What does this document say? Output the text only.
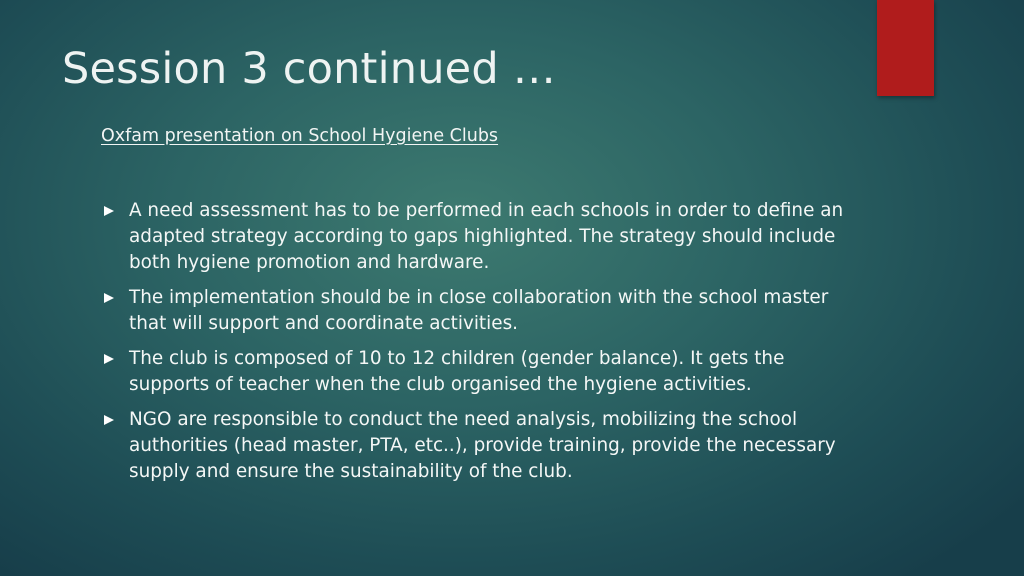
Session 3 continued …

Oxfam presentation on School Hygiene Clubs

A need assessment has to be performed in each schools in order to define an adapted strategy according to gaps highlighted. The strategy should include both hygiene promotion and hardware.
The implementation should be in close collaboration with the school master that will support and coordinate activities.
The club is composed of 10 to 12 children (gender balance). It gets the supports of teacher when the club organised the hygiene activities.
NGO are responsible to conduct the need analysis, mobilizing the school authorities (head master, PTA, etc..), provide training, provide the necessary supply and ensure the sustainability of the club.
